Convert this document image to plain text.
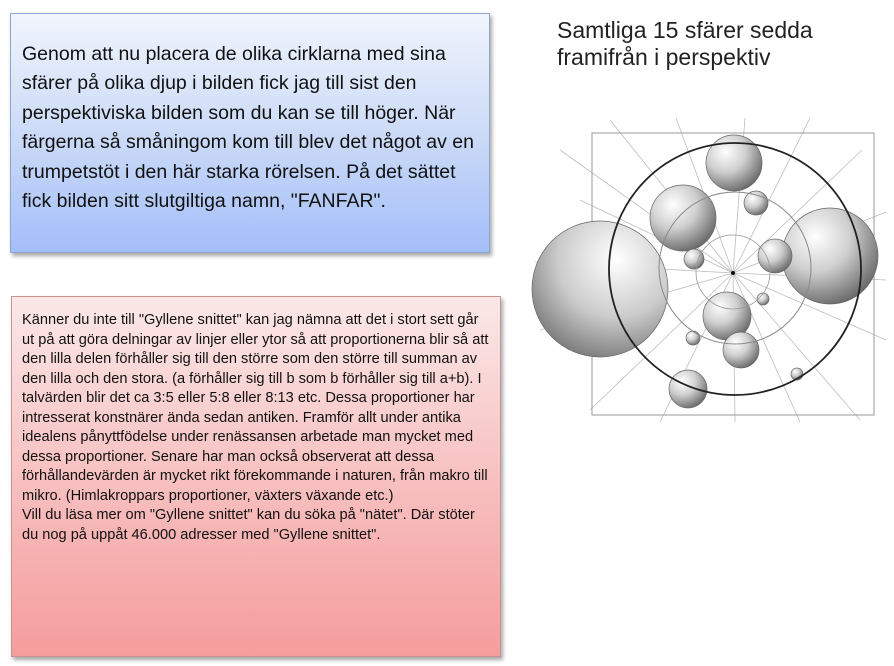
Genom att nu placera de olika cirklarna med sina sfärer på olika djup i bilden fick jag till sist den perspektiviska bilden som du kan se till höger. När färgerna så småningom kom till blev det något av en trumpetstöt i den här starka rörelsen. På det sättet fick bilden sitt slutgiltiga namn, "FANFAR".
Samtliga 15 sfärer sedda
framifrån i perspektiv

Känner du inte till "Gyllene snittet" kan jag nämna att det i stort sett går ut på att göra delningar av linjer eller ytor så att proportionerna blir så att den lilla delen förhåller sig till den större som den större till summan av den lilla och den stora. (a förhåller sig till b som b förhåller sig till a+b). I talvärden blir det ca 3:5 eller 5:8 eller 8:13 etc. Dessa proportioner har intresserat konstnärer ända sedan antiken. Framför allt under antika idealens pånyttfödelse under renässansen arbetade man mycket med dessa proportioner. Senare har man också observerat att dessa förhållandevärden är mycket rikt förekommande i naturen, från makro till mikro. (Himlakroppars proportioner, växters växande etc.)

Vill du läsa mer om "Gyllene snittet" kan du söka på "nätet". Där stöter du nog på uppåt 46.000 adresser med "Gyllene snittet".
